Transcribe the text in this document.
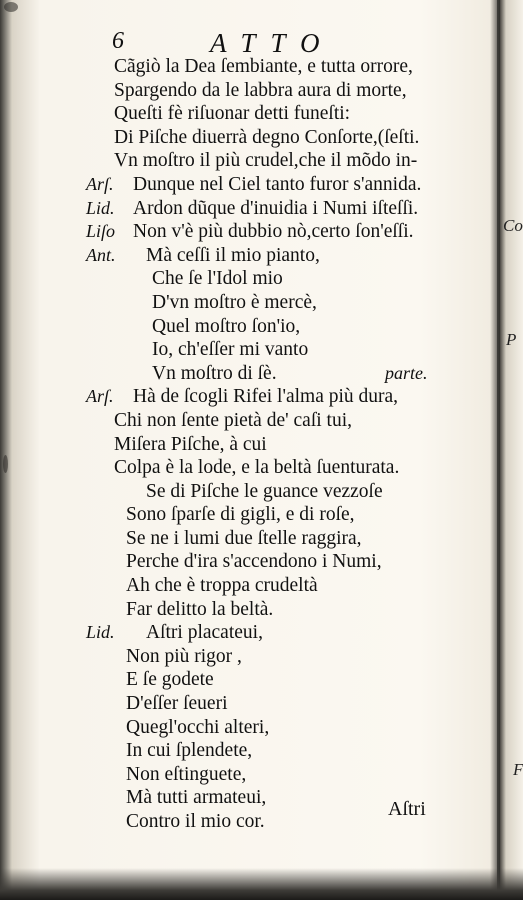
6	ATTO
Cãgiò la Dea ſembiante, e tutta orrore,
Spargendo da le labbra aura di morte,
Queſti fè riſuonar detti funeſti:
Di Piſche diuerrà degno Conſorte,(ſeſti.
Vn moſtro il più crudel,che il mõdo in-
Arſ. Dunque nel Ciel tanto furor s'annida.
Lid. Ardon dũque d'inuidia i Numi iſteſſi.
Liſo Non v'è più dubbio nò,certo ſon'eſſi.
Ant. Mà ceſſi il mio pianto,
Che ſe l'Idol mio
D'vn moſtro è mercè,
Quel moſtro ſon'io,
Io, ch'eſſer mi vanto
Vn moſtro di ſè.	parte.
Arſ. Hà de ſcogli Rifei l'alma più dura,
Chi non ſente pietà de' caſi tui,
Miſera Piſche, à cui
Colpa è la lode, e la beltà ſuenturata.
Se di Piſche le guance vezzoſe
Sono ſparſe di gigli, e di roſe,
Se ne i lumi due ſtelle raggira,
Perche d'ira s'accendono i Numi,
Ah che è troppa crudeltà
Far delitto la beltà.
Lid. Aſtri placateui,
Non più rigor ,
E ſe godete
D'eſſer ſeueri
Quegl'occhi alteri,
In cui ſplendete,
Non eſtinguete,
Mà tutti armateui,
Contro il mio cor.
Aſtri
Co
P
F
